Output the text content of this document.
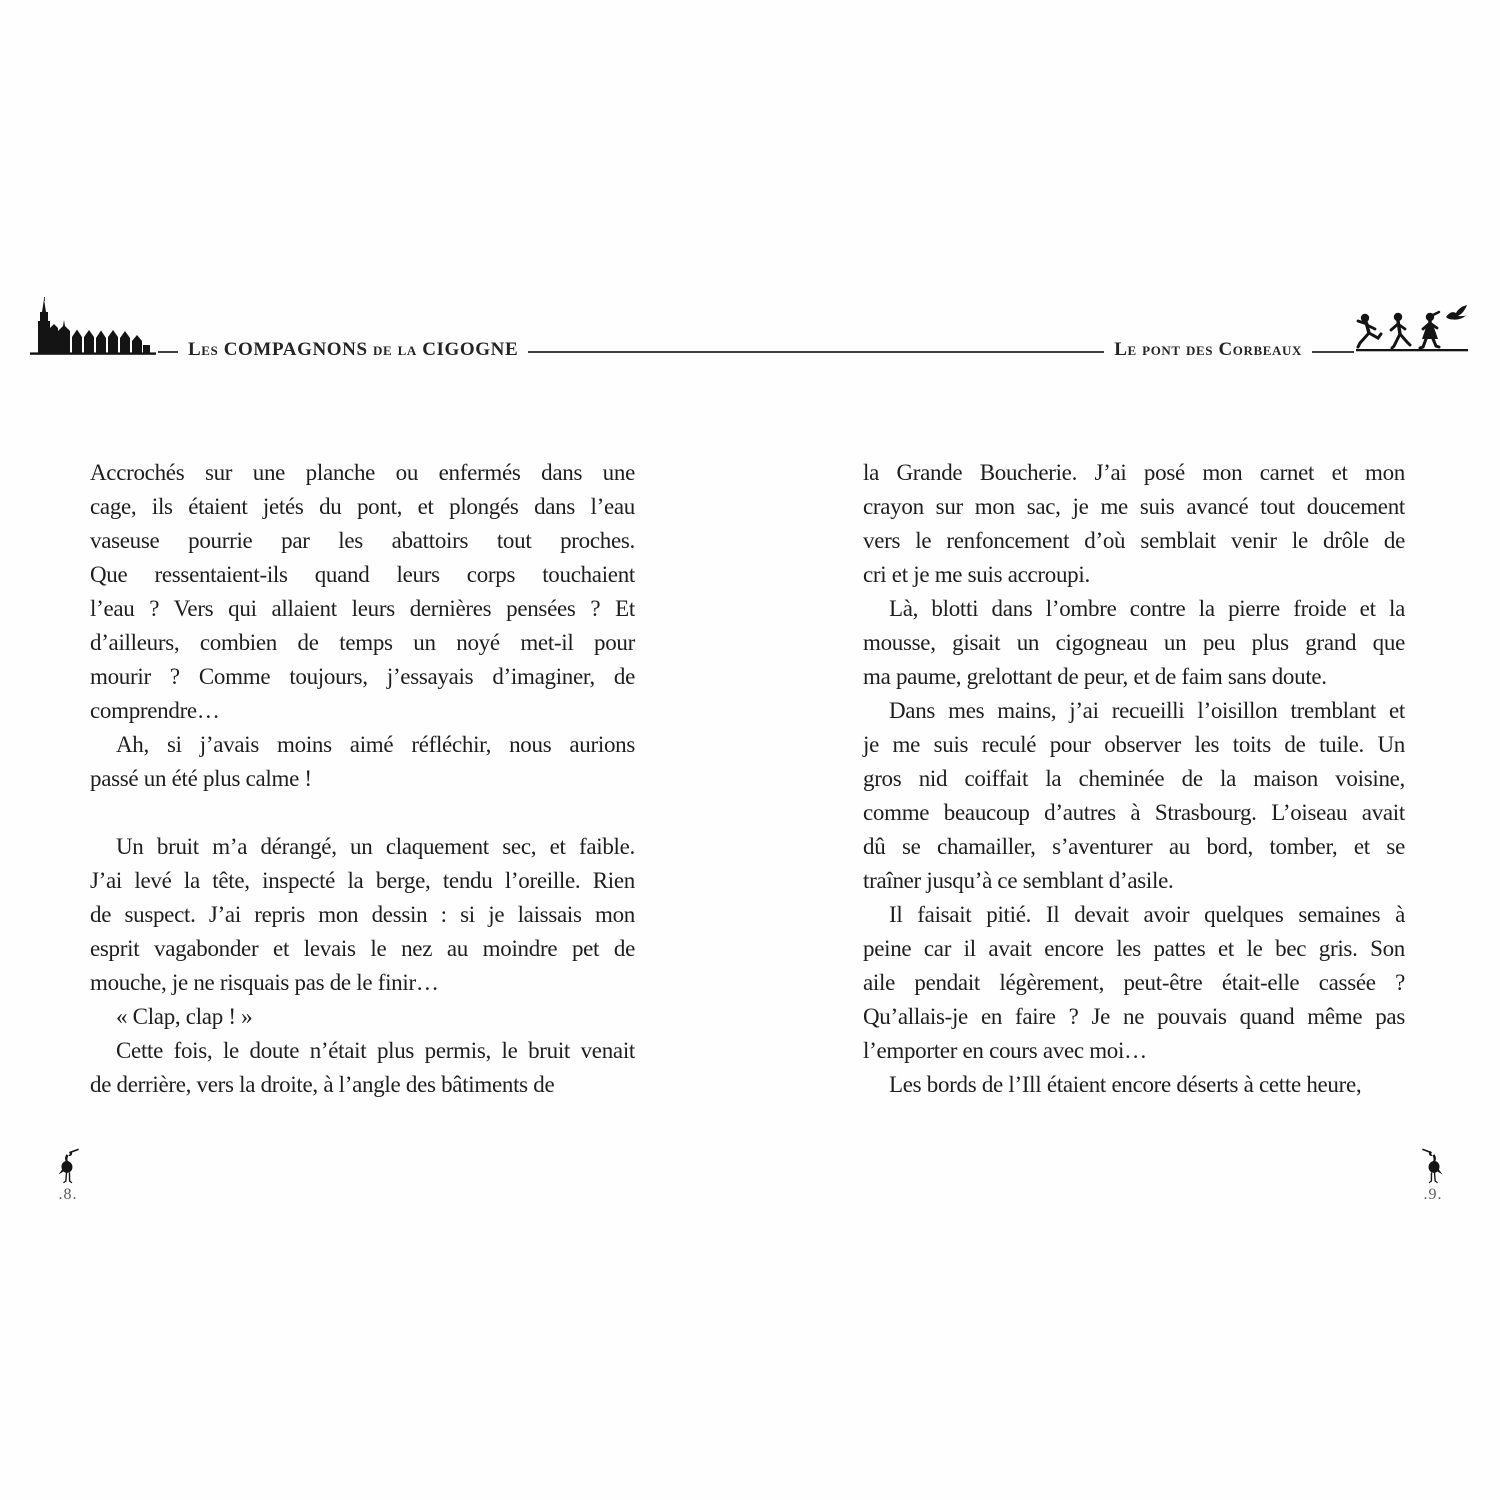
Les COMPAGNONS de la CIGOGNE	Le pont des Corbeaux
Accrochés sur une planche ou enfermés dans une
cage, ils étaient jetés du pont, et plongés dans l’eau
vaseuse pourrie par les abattoirs tout proches.
Que ressentaient-ils quand leurs corps touchaient
l’eau ? Vers qui allaient leurs dernières pensées ? Et
d’ailleurs, combien de temps un noyé met-il pour
mourir ? Comme toujours, j’essayais d’imaginer, de
comprendre…
Ah, si j’avais moins aimé réfléchir, nous aurions
passé un été plus calme !
Un bruit m’a dérangé, un claquement sec, et faible.
J’ai levé la tête, inspecté la berge, tendu l’oreille. Rien
de suspect. J’ai repris mon dessin : si je laissais mon
esprit vagabonder et levais le nez au moindre pet de
mouche, je ne risquais pas de le finir…
« Clap, clap ! »
Cette fois, le doute n’était plus permis, le bruit venait
de derrière, vers la droite, à l’angle des bâtiments de
la Grande Boucherie. J’ai posé mon carnet et mon
crayon sur mon sac, je me suis avancé tout doucement
vers le renfoncement d’où semblait venir le drôle de
cri et je me suis accroupi.
Là, blotti dans l’ombre contre la pierre froide et la
mousse, gisait un cigogneau un peu plus grand que
ma paume, grelottant de peur, et de faim sans doute.
Dans mes mains, j’ai recueilli l’oisillon tremblant et
je me suis reculé pour observer les toits de tuile. Un
gros nid coiffait la cheminée de la maison voisine,
comme beaucoup d’autres à Strasbourg. L’oiseau avait
dû se chamailler, s’aventurer au bord, tomber, et se
traîner jusqu’à ce semblant d’asile.
Il faisait pitié. Il devait avoir quelques semaines à
peine car il avait encore les pattes et le bec gris. Son
aile pendait légèrement, peut-être était-elle cassée ?
Qu’allais-je en faire ? Je ne pouvais quand même pas
l’emporter en cours avec moi…
Les bords de l’Ill étaient encore déserts à cette heure,
.8.	.9.
